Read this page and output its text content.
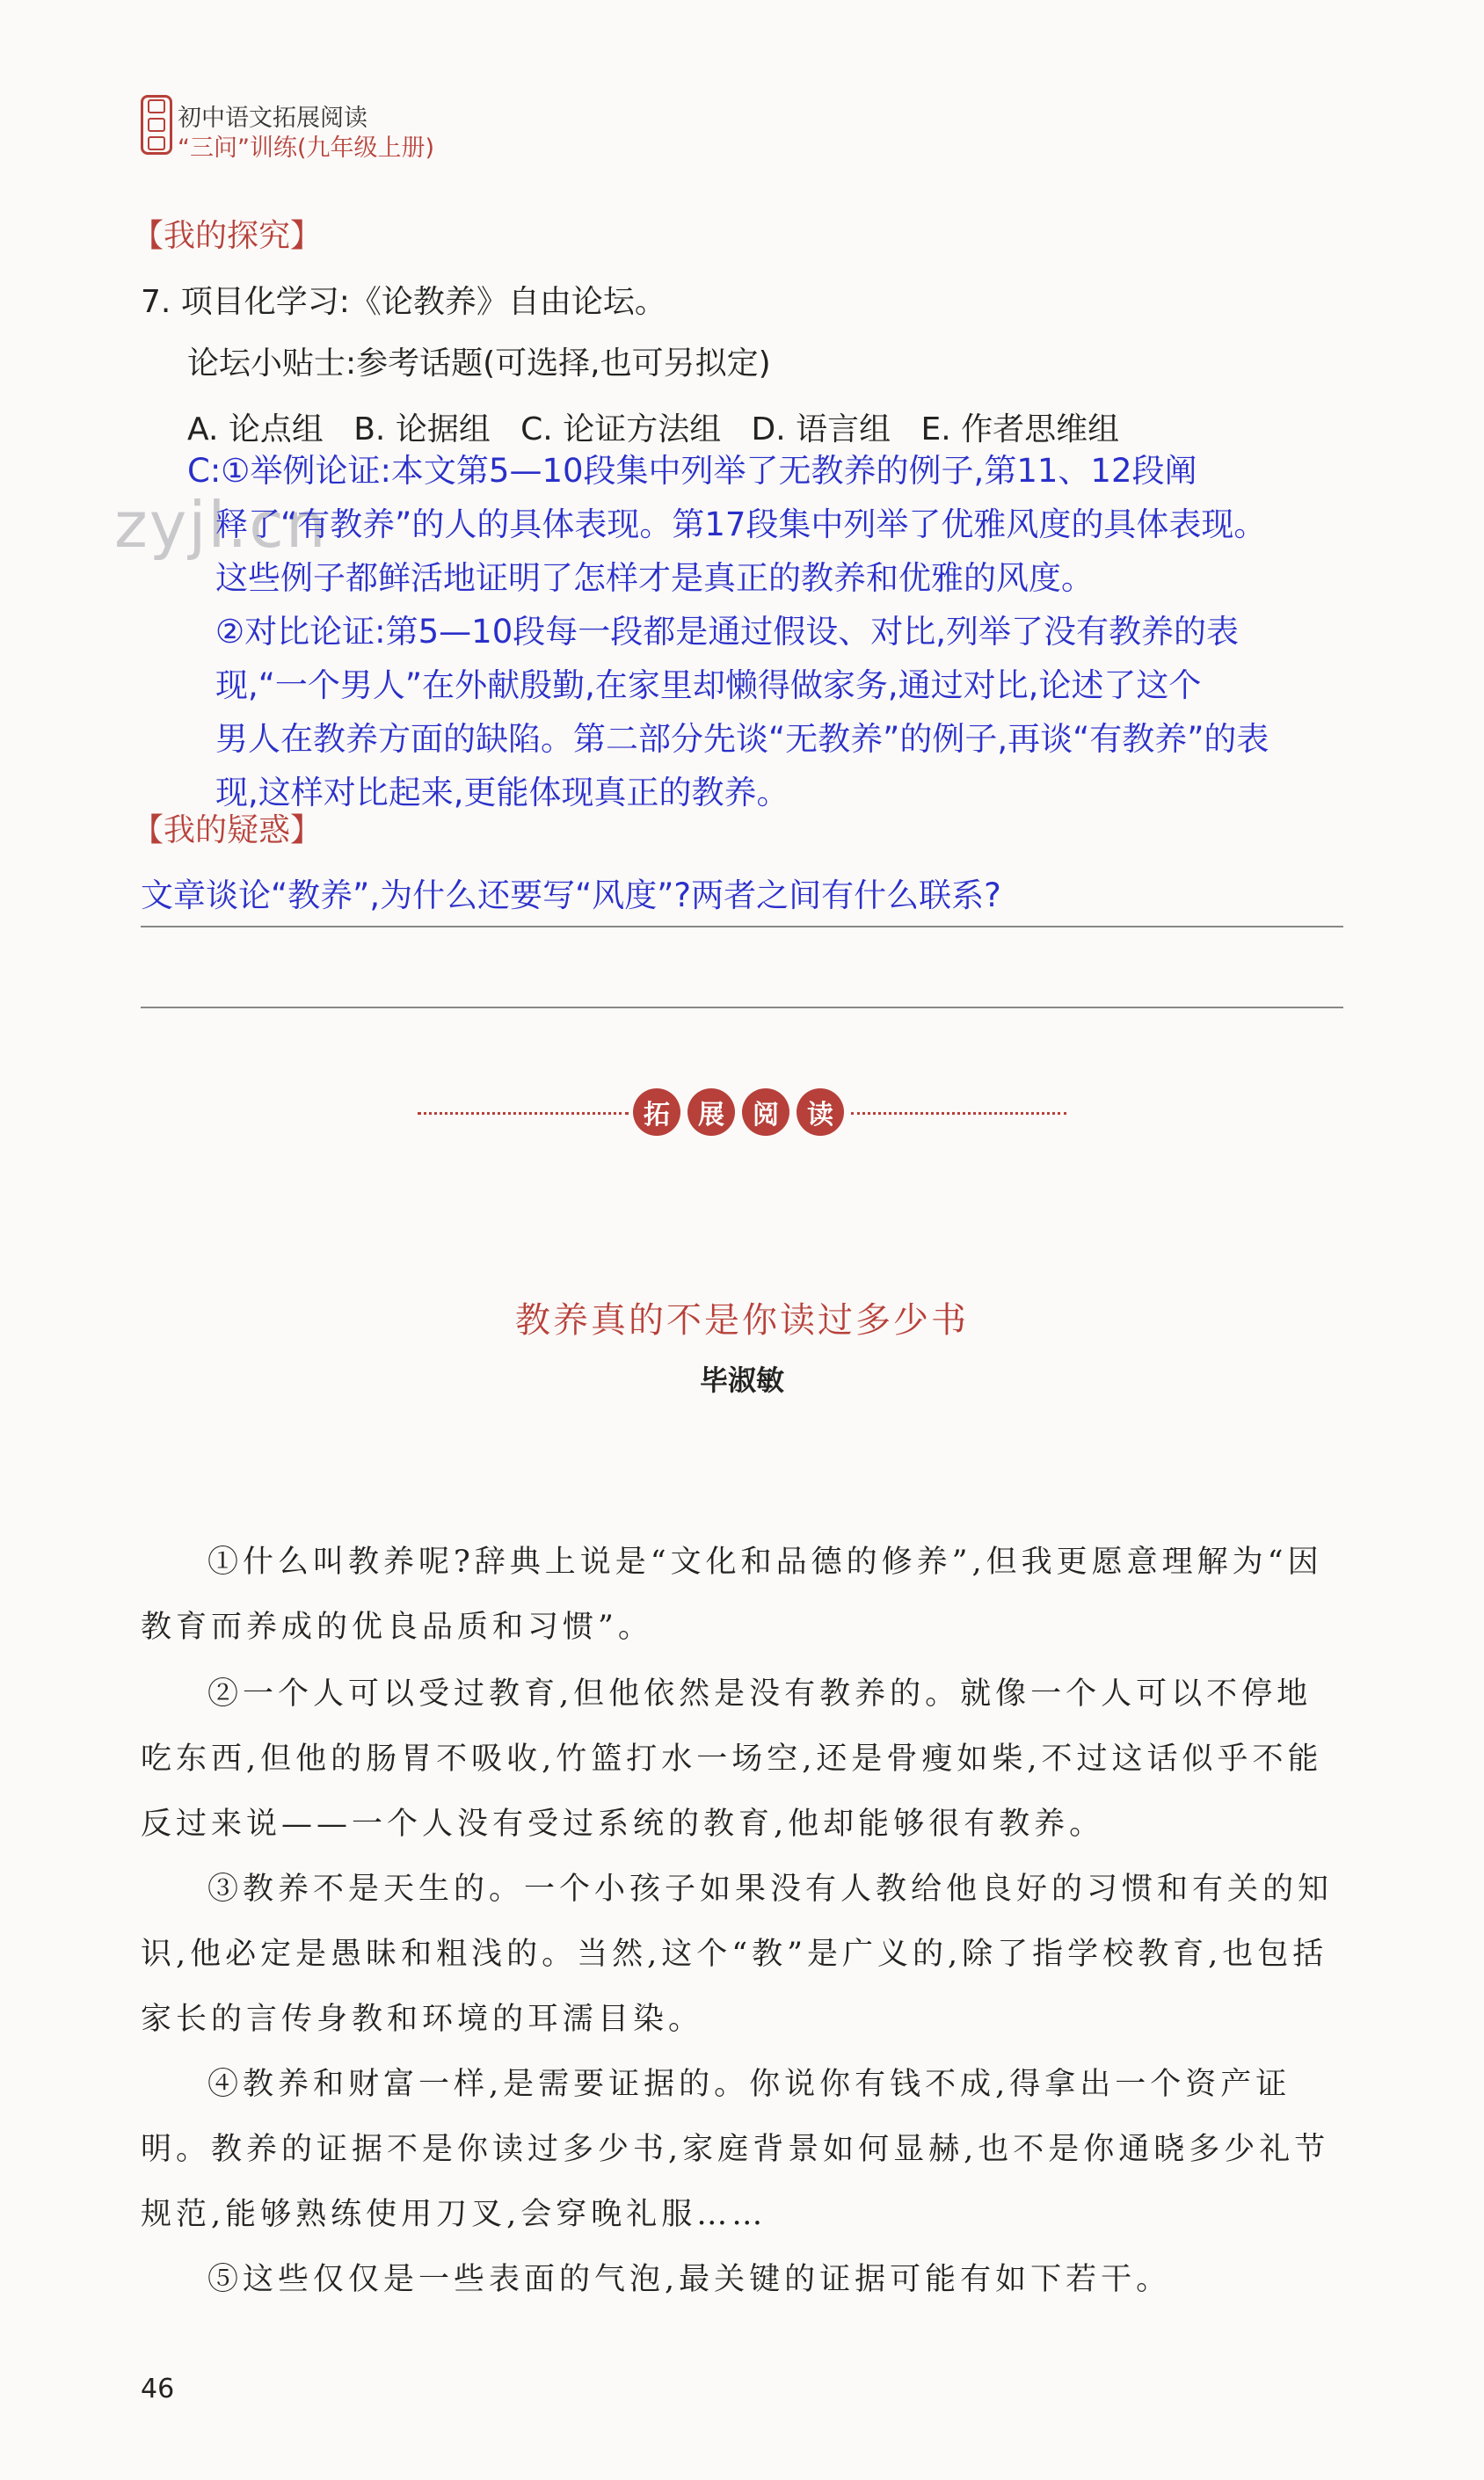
初中语文拓展阅读
“三问”训练(九年级上册)
【我的探究】
7. 项目化学习:《论教养》自由论坛。
论坛小贴士:参考话题(可选择,也可另拟定)
A. 论点组 B. 论据组 C. 论证方法组 D. 语言组 E. 作者思维组
zyjl.cn
C:①举例论证:本文第5—10段集中列举了无教养的例子,第11、12段阐
释了“有教养”的人的具体表现。第17段集中列举了优雅风度的具体表现。
这些例子都鲜活地证明了怎样才是真正的教养和优雅的风度。
②对比论证:第5—10段每一段都是通过假设、对比,列举了没有教养的表
现,“一个男人”在外献殷勤,在家里却懒得做家务,通过对比,论述了这个
男人在教养方面的缺陷。第二部分先谈“无教养”的例子,再谈“有教养”的表
现,这样对比起来,更能体现真正的教养。
【我的疑惑】
文章谈论“教养”,为什么还要写“风度”?两者之间有什么联系?
拓	展	阅	读
教养真的不是你读过多少书
毕淑敏

①什么叫教养呢?辞典上说是“文化和品德的修养”,但我更愿意理解为“因教育而养成的优良品质和习惯”。

②一个人可以受过教育,但他依然是没有教养的。就像一个人可以不停地吃东西,但他的肠胃不吸收,竹篮打水一场空,还是骨瘦如柴,不过这话似乎不能反过来说——一个人没有受过系统的教育,他却能够很有教养。

③教养不是天生的。一个小孩子如果没有人教给他良好的习惯和有关的知识,他必定是愚昧和粗浅的。当然,这个“教”是广义的,除了指学校教育,也包括家长的言传身教和环境的耳濡目染。

④教养和财富一样,是需要证据的。你说你有钱不成,得拿出一个资产证明。教养的证据不是你读过多少书,家庭背景如何显赫,也不是你通晓多少礼节规范,能够熟练使用刀叉,会穿晚礼服……

⑤这些仅仅是一些表面的气泡,最关键的证据可能有如下若干。

46
